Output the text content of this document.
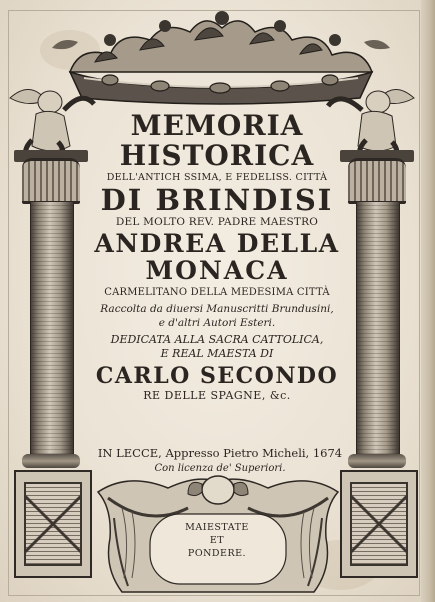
MEMORIA
HISTORICA
DELL'ANTICH SSIMA, E FEDELISS. CITTÀ
DI BRINDISI
DEL MOLTO REV. PADRE MAESTRO
ANDREA DELLA
MONACA
CARMELITANO DELLA MEDESIMA CITTÀ
Raccolta da diuersi Manuscritti Brundusini,
e d'altri Autori Esteri.
DEDICATA ALLA SACRA CATTOLICA,
E REAL MAESTA DI
CARLO SECONDO
RE DELLE SPAGNE, &c.
IN LECCE, Appresso Pietro Micheli, 1674
Con licenza de' Superiori.
MAIESTATE
ET
PONDERE.
